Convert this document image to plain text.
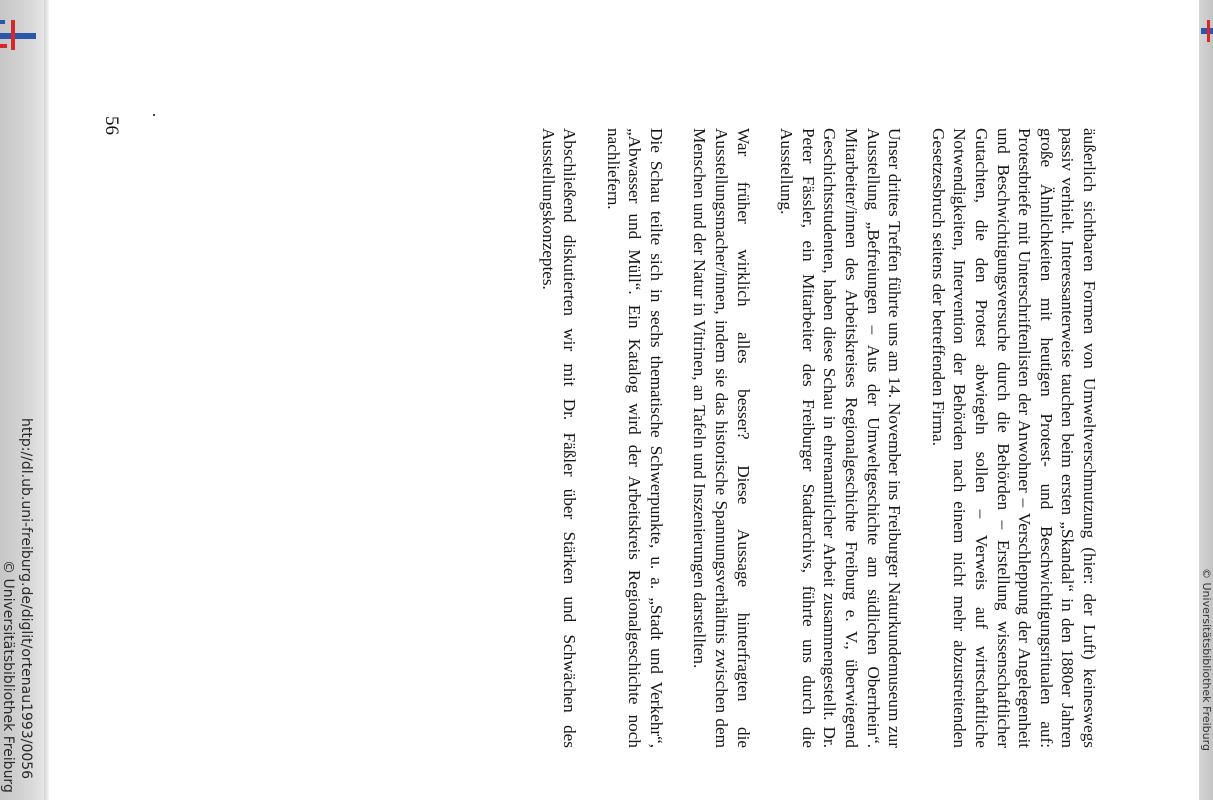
http://dl.ub.uni-freiburg.de/diglit/ortenau1993/0056
© Universitätsbibliothek Freiburg	© Universitätsbibliothek Freiburg
56

äußerlich sichtbaren Formen von Umweltverschmutzung (hier: der Luft) keineswegs passiv verhielt. Interessanterweise tauchen beim ersten „Skandal“ in den 1880er Jahren große Ähnlichkeiten mit heutigen Protest- und Beschwichtigungsritualen auf: Protestbriefe mit Unterschriftenlisten der Anwohner – Verschleppung der Angelegenheit und Beschwichtigungsversuche durch die Behörden – Erstellung wissenschaftlicher Gutachten, die den Protest abwiegeln sollen – Verweis auf wirtschaftliche Notwendigkeiten, Intervention der Behörden nach einem nicht mehr abzustreitenden Gesetzesbruch seitens der betreffenden Firma.

Unser drittes Treffen führte uns am 14. November ins Freiburger Naturkundemuseum zur Ausstellung „Befreiungen – Aus der Umweltgeschichte am südlichen Oberrhein“. Mitarbeiter/innen des Arbeitskreises Regionalgeschichte Freiburg e. V., überwiegend Geschichtsstudenten, haben diese Schau in ehrenamtlicher Arbeit zusammengestellt. Dr. Peter Fässler, ein Mitarbeiter des Freiburger Stadtarchivs, führte uns durch die Ausstellung.

War früher wirklich alles besser? Diese Aussage hinterfragten die Ausstellungsmacher/innen, indem sie das historische Spannungsverhältnis zwischen dem Menschen und der Natur in Vitrinen, an Tafeln und Inszenierungen darstellten.

Die Schau teilte sich in sechs thematische Schwerpunkte, u. a. „Stadt und Verkehr“, „Abwasser und Müll“. Ein Katalog wird der Arbeitskreis Regionalgeschichte noch nachliefern.

Abschließend diskutierten wir mit Dr. Fäßler über Stärken und Schwächen des Ausstellungskonzeptes.
